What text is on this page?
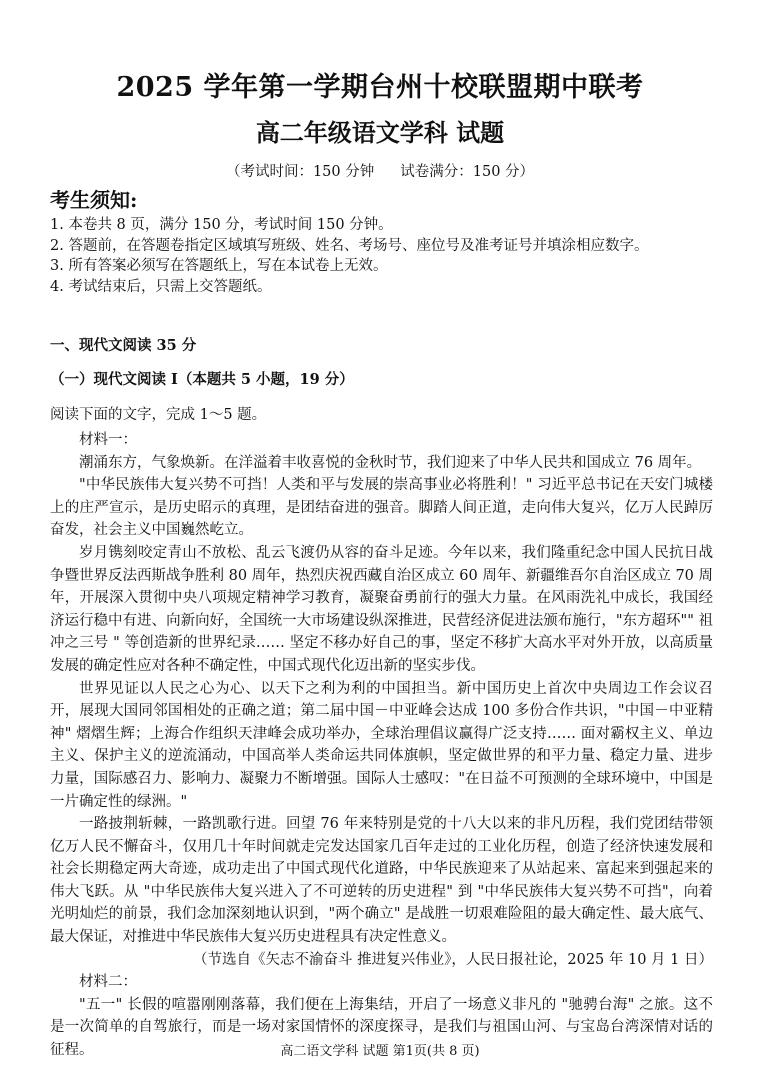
2025 学年第一学期台州十校联盟期中联考
高二年级语文学科 试题
（考试时间：150 分钟 试卷满分：150 分）
考生须知:
1. 本卷共 8 页，满分 150 分，考试时间 150 分钟。
2. 答题前，在答题卷指定区域填写班级、姓名、考场号、座位号及准考证号并填涂相应数字。
3. 所有答案必须写在答题纸上，写在本试卷上无效。
4. 考试结束后，只需上交答题纸。
一、现代文阅读 35 分
（一）现代文阅读 I（本题共 5 小题，19 分）
阅读下面的文字，完成 1～5 题。

材料一：

潮涌东方，气象焕新。在洋溢着丰收喜悦的金秋时节，我们迎来了中华人民共和国成立 76 周年。

"中华民族伟大复兴势不可挡！人类和平与发展的崇高事业必将胜利！" 习近平总书记在天安门城楼上的庄严宣示，是历史昭示的真理，是团结奋进的强音。脚踏人间正道，走向伟大复兴，亿万人民踔厉奋发，社会主义中国巍然屹立。

岁月镌刻咬定青山不放松、乱云飞渡仍从容的奋斗足迹。今年以来，我们隆重纪念中国人民抗日战争暨世界反法西斯战争胜利 80 周年，热烈庆祝西藏自治区成立 60 周年、新疆维吾尔自治区成立 70 周年，开展深入贯彻中央八项规定精神学习教育，凝聚奋勇前行的强大力量。在风雨洗礼中成长，我国经济运行稳中有进、向新向好，全国统一大市场建设纵深推进，民营经济促进法颁布施行，"东方超环"" 祖冲之三号 " 等创造新的世界纪录…… 坚定不移办好自己的事，坚定不移扩大高水平对外开放，以高质量发展的确定性应对各种不确定性，中国式现代化迈出新的坚实步伐。

世界见证以人民之心为心、以天下之利为利的中国担当。新中国历史上首次中央周边工作会议召开，展现大国同邻国相处的正确之道；第二届中国－中亚峰会达成 100 多份合作共识，"中国－中亚精神" 熠熠生辉；上海合作组织天津峰会成功举办，全球治理倡议赢得广泛支持…… 面对霸权主义、单边主义、保护主义的逆流涌动，中国高举人类命运共同体旗帜，坚定做世界的和平力量、稳定力量、进步力量，国际感召力、影响力、凝聚力不断增强。国际人士感叹："在日益不可预测的全球环境中，中国是一片确定性的绿洲。"

一路披荆斩棘，一路凯歌行进。回望 76 年来特别是党的十八大以来的非凡历程，我们党团结带领亿万人民不懈奋斗，仅用几十年时间就走完发达国家几百年走过的工业化历程，创造了经济快速发展和社会长期稳定两大奇迹，成功走出了中国式现代化道路，中华民族迎来了从站起来、富起来到强起来的伟大飞跃。从 "中华民族伟大复兴进入了不可逆转的历史进程" 到 "中华民族伟大复兴势不可挡"，向着光明灿烂的前景，我们念加深刻地认识到，"两个确立" 是战胜一切艰难险阻的最大确定性、最大底气、最大保证，对推进中华民族伟大复兴历史进程具有决定性意义。

（节选自《矢志不渝奋斗 推进复兴伟业》，人民日报社论，2025 年 10 月 1 日）

材料二：

"五一" 长假的喧嚣刚刚落幕，我们便在上海集结，开启了一场意义非凡的 "驰骋台海" 之旅。这不是一次简单的自驾旅行，而是一场对家国情怀的深度探寻，是我们与祖国山河、与宝岛台湾深情对话的征程。	高二语文学科 试题 第1页(共 8 页)
